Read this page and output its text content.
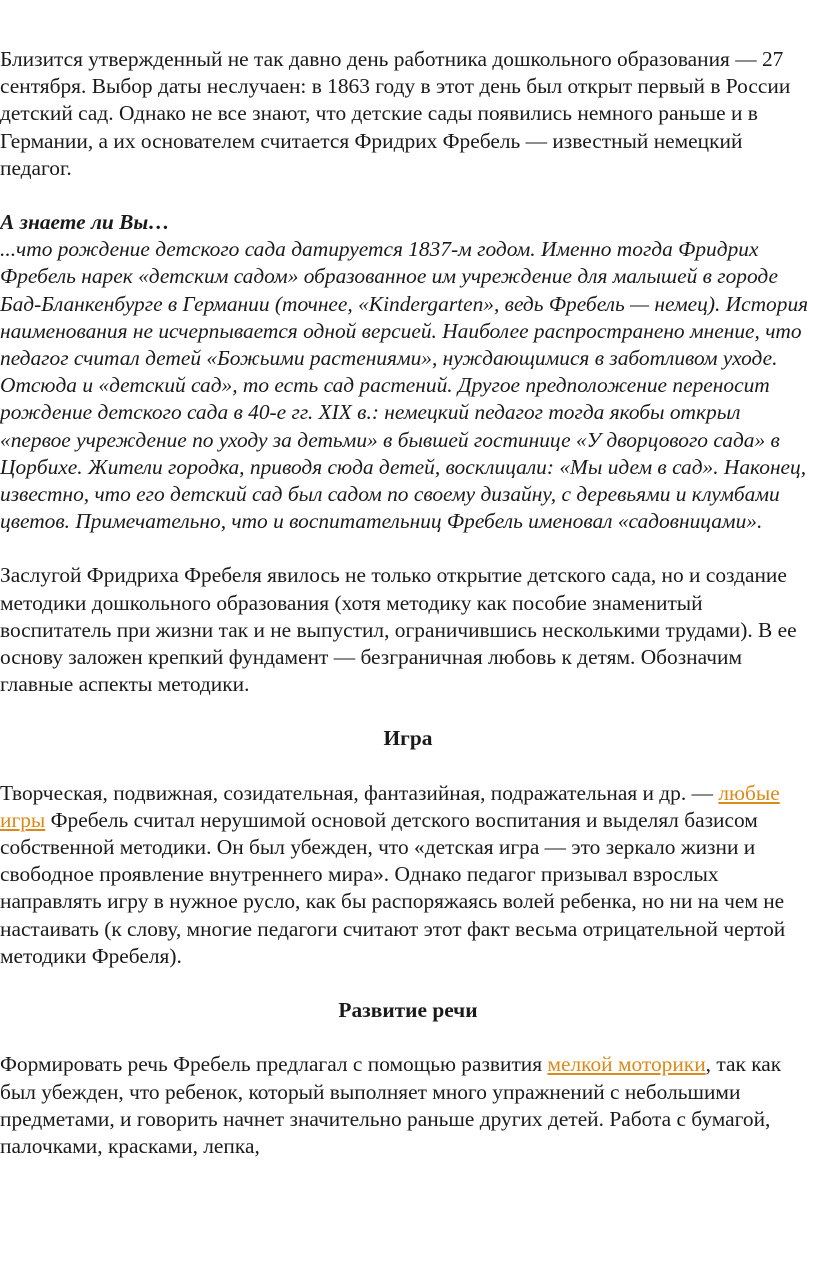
Близится утвержденный не так давно день работника дошкольного образования — 27 сентября. Выбор даты неслучаен: в 1863 году в этот день был открыт первый в России детский сад. Однако не все знают, что детские сады появились немного раньше и в Германии, а их основателем считается Фридрих Фребель — известный немецкий педагог.

А знаете ли Вы…

...что рождение детского сада датируется 1837-м годом. Именно тогда Фридрих Фребель нарек «детским садом» образованное им учреждение для малышей в городе Бад-Бланкенбурге в Германии (точнее, «Kindergarten», ведь Фребель — немец). История наименования не исчерпывается одной версией. Наиболее распространено мнение, что педагог считал детей «Божьими растениями», нуждающимися в заботливом уходе. Отсюда и «детский сад», то есть сад растений. Другое предположение переносит рождение детского сада в 40-е гг. XIX в.: немецкий педагог тогда якобы открыл «первое учреждение по уходу за детьми» в бывшей гостинице «У дворцового сада» в Цорбихе. Жители городка, приводя сюда детей, восклицали: «Мы идем в сад». Наконец, известно, что его детский сад был садом по своему дизайну, с деревьями и клумбами цветов. Примечательно, что и воспитательниц Фребель именовал «садовницами».

Заслугой Фридриха Фребеля явилось не только открытие детского сада, но и создание методики дошкольного образования (хотя методику как пособие знаменитый воспитатель при жизни так и не выпустил, ограничившись несколькими трудами). В ее основу заложен крепкий фундамент — безграничная любовь к детям. Обозначим главные аспекты методики.

Игра

Творческая, подвижная, созидательная, фантазийная, подражательная и др. — любые игры Фребель считал нерушимой основой детского воспитания и выделял базисом собственной методики. Он был убежден, что «детская игра — это зеркало жизни и свободное проявление внутреннего мира». Однако педагог призывал взрослых направлять игру в нужное русло, как бы распоряжаясь волей ребенка, но ни на чем не настаивать (к слову, многие педагоги считают этот факт весьма отрицательной чертой методики Фребеля).

Развитие речи

Формировать речь Фребель предлагал с помощью развития мелкой моторики, так как был убежден, что ребенок, который выполняет много упражнений с небольшими предметами, и говорить начнет значительно раньше других детей. Работа с бумагой, палочками, красками, лепка,
